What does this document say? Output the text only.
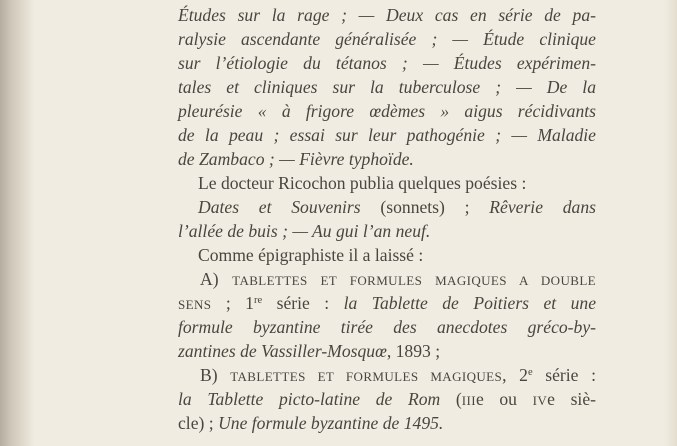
Études sur la rage ; — Deux cas en série de pa-
ralysie ascendante généralisée ; — Étude clinique
sur l’étiologie du tétanos ; — Études expérimen-
tales et cliniques sur la tuberculose ; — De la
pleurésie « à frigore œdèmes » aigus récidivants
de la peau ; essai sur leur pathogénie ; — Maladie
de Zambaco ; — Fièvre typhoïde.
Le docteur Ricochon publia quelques poésies :
Dates et Souvenirs (sonnets) ; Rêverie dans
l’allée de buis ; — Au gui l’an neuf.
Comme épigraphiste il a laissé :
A) TABLETTES ET FORMULES MAGIQUES A DOUBLE
SENS ; 1re série : la Tablette de Poitiers et une
formule byzantine tirée des anecdotes gréco-by-
zantines de Vassiller-Mosquœ, 1893 ;
B) TABLETTES ET FORMULES MAGIQUES, 2e série :
la Tablette picto-latine de Rom (IIIe ou IVe siè-
cle) ; Une formule byzantine de 1495.
